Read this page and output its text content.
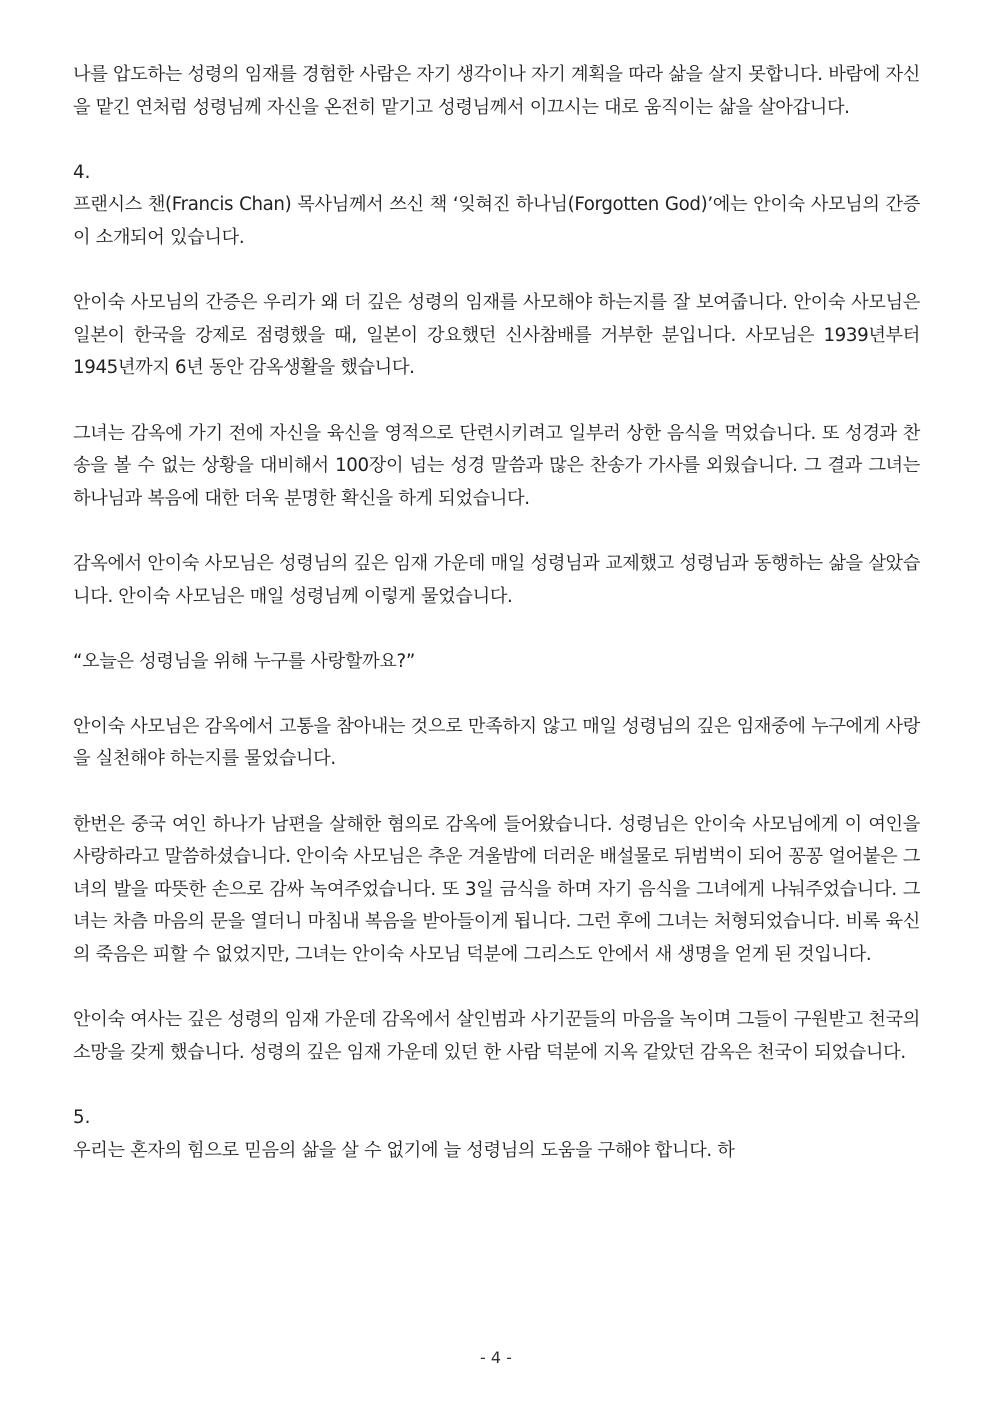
나를 압도하는 성령의 임재를 경험한 사람은 자기 생각이나 자기 계획을 따라 삶을 살지 못합니다. 바람에 자신을 맡긴 연처럼 성령님께 자신을 온전히 맡기고 성령님께서 이끄시는 대로 움직이는 삶을 살아갑니다.

4.

프랜시스 챈(Francis Chan) 목사님께서 쓰신 책 ‘잊혀진 하나님(Forgotten God)’에는 안이숙 사모님의 간증이 소개되어 있습니다.

안이숙 사모님의 간증은 우리가 왜 더 깊은 성령의 임재를 사모해야 하는지를 잘 보여줍니다. 안이숙 사모님은 일본이 한국을 강제로 점령했을 때, 일본이 강요했던 신사참배를 거부한 분입니다. 사모님은 1939년부터 1945년까지 6년 동안 감옥생활을 했습니다.

그녀는 감옥에 가기 전에 자신을 육신을 영적으로 단련시키려고 일부러 상한 음식을 먹었습니다. 또 성경과 찬송을 볼 수 없는 상황을 대비해서 100장이 넘는 성경 말씀과 많은 찬송가 가사를 외웠습니다. 그 결과 그녀는 하나님과 복음에 대한 더욱 분명한 확신을 하게 되었습니다.

감옥에서 안이숙 사모님은 성령님의 깊은 임재 가운데 매일 성령님과 교제했고 성령님과 동행하는 삶을 살았습니다. 안이숙 사모님은 매일 성령님께 이렇게 물었습니다.

“오늘은 성령님을 위해 누구를 사랑할까요?”

안이숙 사모님은 감옥에서 고통을 참아내는 것으로 만족하지 않고 매일 성령님의 깊은 임재중에 누구에게 사랑을 실천해야 하는지를 물었습니다.

한번은 중국 여인 하나가 남편을 살해한 혐의로 감옥에 들어왔습니다. 성령님은 안이숙 사모님에게 이 여인을 사랑하라고 말씀하셨습니다. 안이숙 사모님은 추운 겨울밤에 더러운 배설물로 뒤범벅이 되어 꽁꽁 얼어붙은 그녀의 발을 따뜻한 손으로 감싸 녹여주었습니다. 또 3일 금식을 하며 자기 음식을 그녀에게 나눠주었습니다. 그녀는 차츰 마음의 문을 열더니 마침내 복음을 받아들이게 됩니다. 그런 후에 그녀는 처형되었습니다. 비록 육신의 죽음은 피할 수 없었지만, 그녀는 안이숙 사모님 덕분에 그리스도 안에서 새 생명을 얻게 된 것입니다.

안이숙 여사는 깊은 성령의 임재 가운데 감옥에서 살인범과 사기꾼들의 마음을 녹이며 그들이 구원받고 천국의 소망을 갖게 했습니다. 성령의 깊은 임재 가운데 있던 한 사람 덕분에 지옥 같았던 감옥은 천국이 되었습니다.

5.

우리는 혼자의 힘으로 믿음의 삶을 살 수 없기에 늘 성령님의 도움을 구해야 합니다. 하

- 4 -
